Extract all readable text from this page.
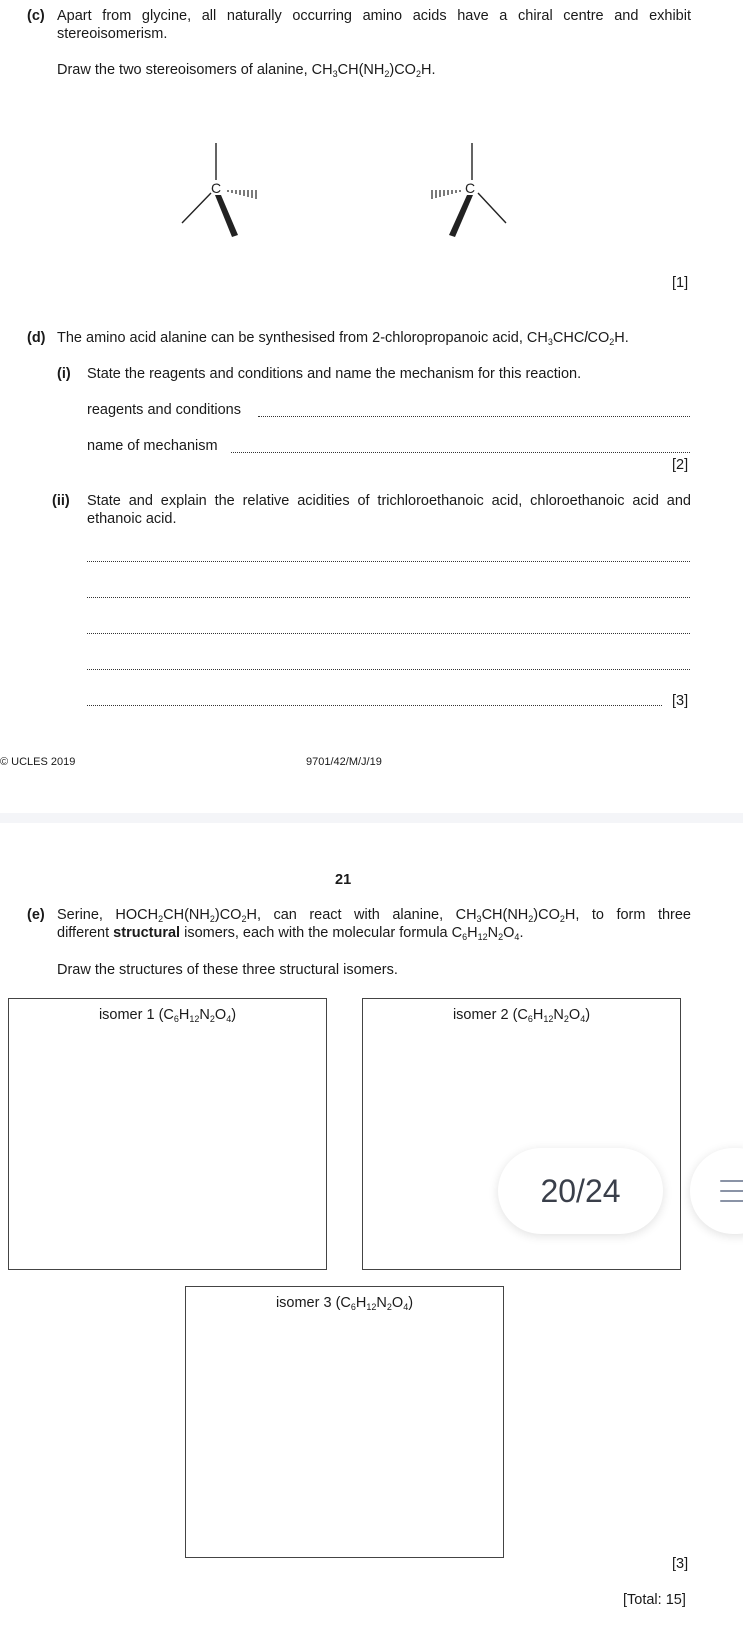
(c) Apart from glycine, all naturally occurring amino acids have a chiral centre and exhibit
stereoisomerism.
Draw the two stereoisomers of alanine, $CH_3CH(NH_2)CO_2H$.
C	C
[1]
(d) The amino acid alanine can be synthesised from 2-chloropropanoic acid, $CH_3CHClCO_2H$.
(i) State the reagents and conditions and name the mechanism for this reaction.
reagents and conditions
name of mechanism
[2]
(ii) State and explain the relative acidities of trichloroethanoic acid, chloroethanoic acid and
ethanoic acid.
[3]
© UCLES 2019	9701/42/M/J/19
21
(e) Serine, $HOCH_2CH(NH_2)CO_2H$, can react with alanine, $CH_3CH(NH_2)CO_2H$, to form three
different structural isomers, each with the molecular formula $C_6H_{12}N_2O_4$.
Draw the structures of these three structural isomers.
isomer 1 $(C_6H_{12}N_2O_4)$	isomer 2 $(C_6H_{12}N_2O_4)$
isomer 3 $(C_6H_{12}N_2O_4)$
[3]
[Total: 15]
20/24
